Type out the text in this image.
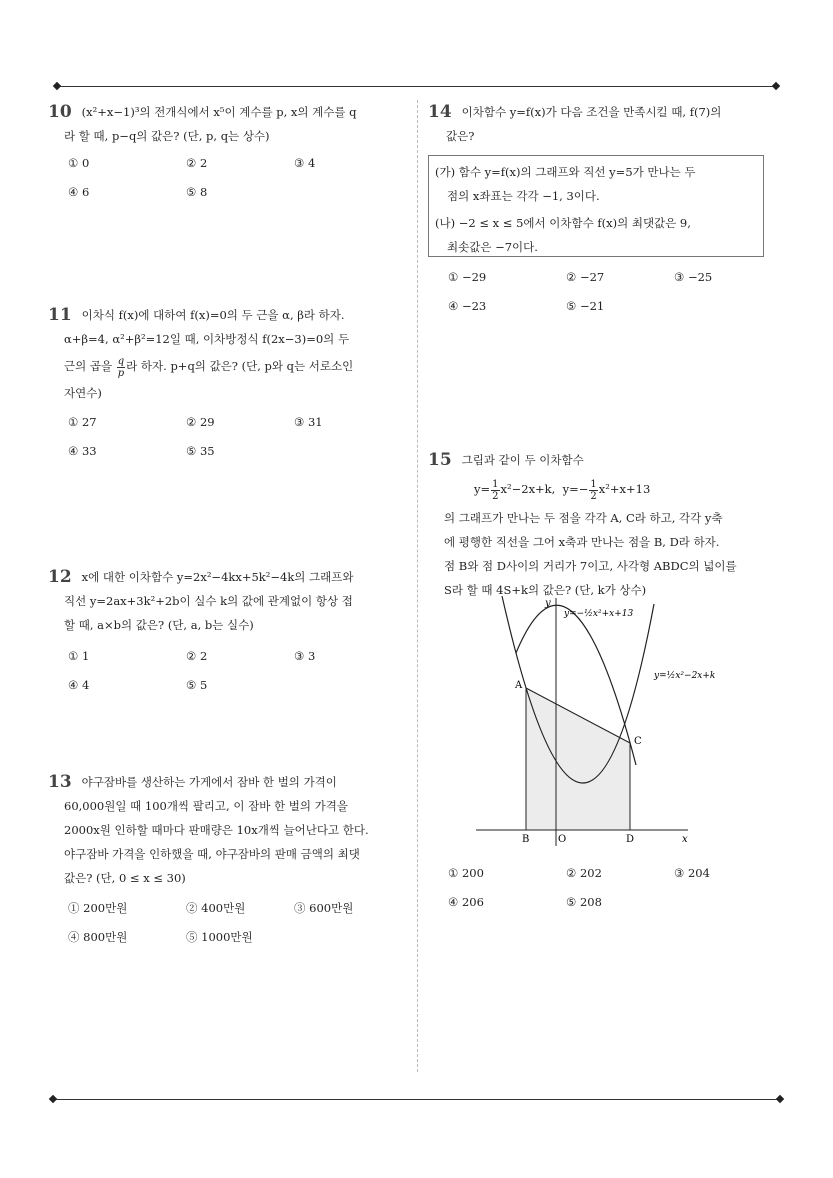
10 (x²+x−1)³의 전개식에서 x⁵이 계수를 p, x의 계수를 q
라 할 때, p−q의 값은? (단, p, q는 상수)
① 0	② 2	③ 4
④ 6	⑤ 8
11 이차식 f(x)에 대하여 f(x)=0의 두 근을 α, β라 하자.
α+β=4, α²+β²=12일 때, 이차방정식 f(2x−3)=0의 두
근의 곱을 $\frac{q}{p}$ 라 하자. p+q의 값은? (단, p와 q는 서로소인
자연수)
① 27	② 29	③ 31
④ 33	⑤ 35
12 x에 대한 이차함수 y=2x²−4kx+5k²−4k의 그래프와
직선 y=2ax+3k²+2b이 실수 k의 값에 관계없이 항상 접
할 때, a×b의 값은? (단, a, b는 실수)
① 1	② 2	③ 3
④ 4	⑤ 5
13 야구잠바를 생산하는 가게에서 잠바 한 벌의 가격이
60,000원일 때 100개씩 팔리고, 이 잠바 한 벌의 가격을
2000x원 인하할 때마다 판매량은 10x개씩 늘어난다고 한다.
야구잠바 가격을 인하했을 때, 야구잠바의 판매 금액의 최댓
값은? (단, 0 ≤ x ≤ 30)
① 200만원	② 400만원	③ 600만원
④ 800만원	⑤ 1000만원
14 이차함수 y=f(x)가 다음 조건을 만족시킬 때, f(7)의
값은?
(가) 함수 y=f(x)의 그래프와 직선 y=5가 만나는 두
점의 x좌표는 각각 −1, 3이다.
(나) −2 ≤ x ≤ 5에서 이차함수 f(x)의 최댓값은 9,
최솟값은 −7이다.
① −29	② −27	③ −25
④ −23	⑤ −21
15 그림과 같이 두 이차함수
$y= \frac{1}{2} x^2-2x+k$, $y=- \frac{1}{2} x^2+x+13$
의 그래프가 만나는 두 점을 각각 A, C라 하고, 각각 y축
에 평행한 직선을 그어 x축과 만나는 점을 B, D라 하자.
점 B와 점 D사이의 거리가 7이고, 사각형 ABDC의 넓이를
S라 할 때 4S+k의 값은? (단, k가 상수)
y=−½x²+x+13
y=½x²−2x+k
A
C
B	O	D	x
y
① 200	② 202	③ 204
④ 206	⑤ 208
